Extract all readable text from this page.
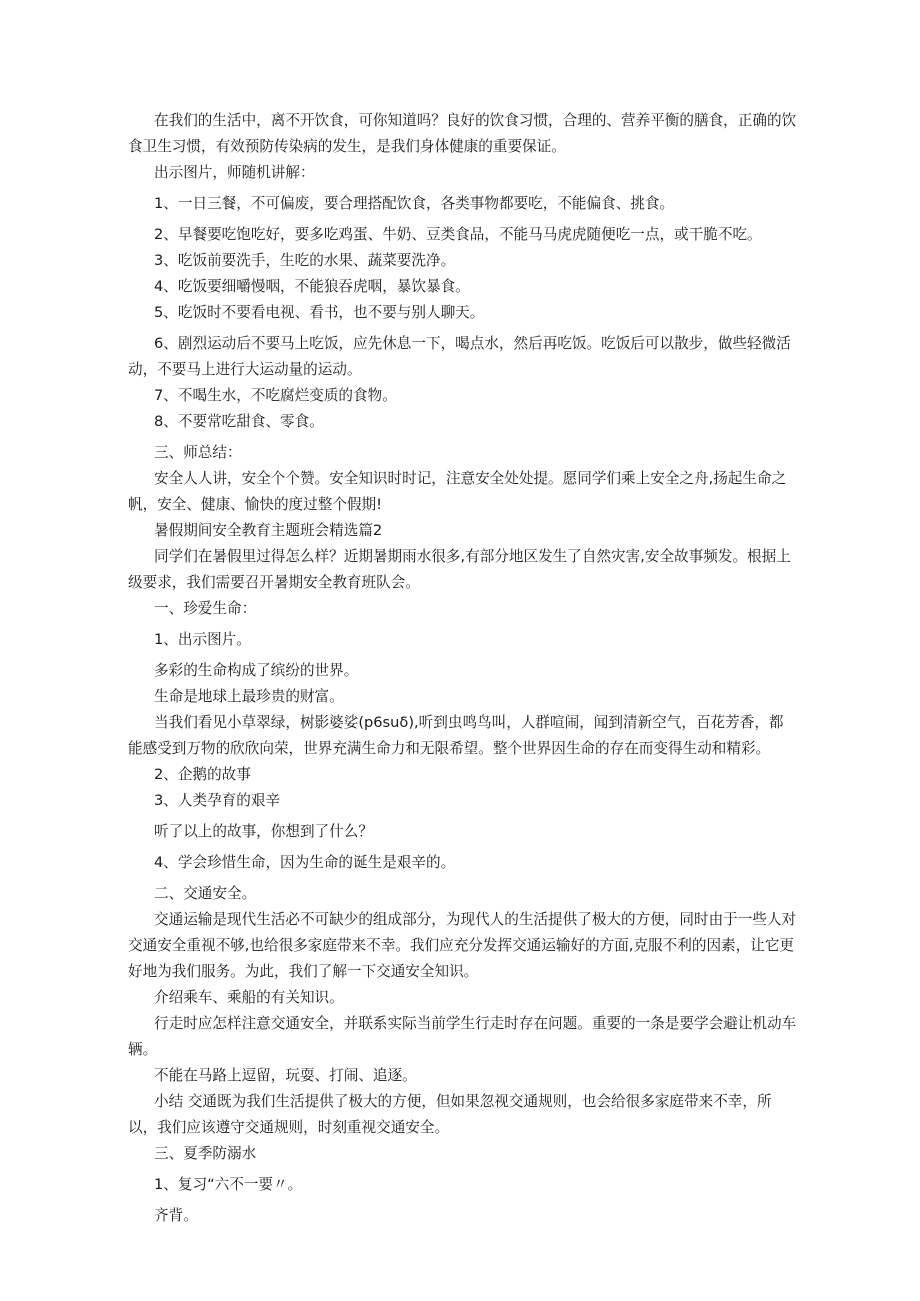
在我们的生活中，离不开饮食，可你知道吗？良好的饮食习惯，合理的、营养平衡的膳食，正确的饮食卫生习惯，有效预防传染病的发生，是我们身体健康的重要保证。

出示图片，师随机讲解：

1、一日三餐，不可偏废，要合理搭配饮食，各类事物都要吃，不能偏食、挑食。

2、早餐要吃饱吃好，要多吃鸡蛋、牛奶、豆类食品，不能马马虎虎随便吃一点，或干脆不吃。

3、吃饭前要洗手，生吃的水果、蔬菜要洗净。

4、吃饭要细嚼慢咽，不能狼吞虎咽，暴饮暴食。

5、吃饭时不要看电视、看书，也不要与别人聊天。

6、剧烈运动后不要马上吃饭，应先休息一下，喝点水，然后再吃饭。吃饭后可以散步，做些轻微活动，不要马上进行大运动量的运动。

7、不喝生水，不吃腐烂变质的食物。

8、不要常吃甜食、零食。

三、师总结：

安全人人讲，安全个个赞。安全知识时时记，注意安全处处提。愿同学们乘上安全之舟,扬起生命之帆，安全、健康、愉快的度过整个假期!

暑假期间安全教育主题班会精选篇2

同学们在暑假里过得怎么样？近期暑期雨水很多,有部分地区发生了自然灾害,安全故事频发。根据上级要求，我们需要召开暑期安全教育班队会。

一、珍爱生命：

1、出示图片。

多彩的生命构成了缤纷的世界。

生命是地球上最珍贵的财富。

当我们看见小草翠绿，树影婆娑(p6suδ),听到虫鸣鸟叫，人群喧闹，闻到清新空气，百花芳香，都能感受到万物的欣欣向荣，世界充满生命力和无限希望。整个世界因生命的存在而变得生动和精彩。

2、企鹅的故事

3、人类孕育的艰辛

听了以上的故事，你想到了什么？

4、学会珍惜生命，因为生命的诞生是艰辛的。

二、交通安全。

交通运输是现代生活必不可缺少的组成部分，为现代人的生活提供了极大的方便，同时由于一些人对交通安全重视不够,也给很多家庭带来不幸。我们应充分发挥交通运输好的方面,克服不利的因素，让它更好地为我们服务。为此，我们了解一下交通安全知识。

介绍乘车、乘船的有关知识。

行走时应怎样注意交通安全，并联系实际当前学生行走时存在问题。重要的一条是要学会避让机动车辆。

不能在马路上逗留，玩耍、打闹、追逐。

小结 交通既为我们生活提供了极大的方便，但如果忽视交通规则，也会给很多家庭带来不幸，所以，我们应该遵守交通规则，时刻重视交通安全。

三、夏季防溺水

1、复习“六不一要〃。

齐背。
